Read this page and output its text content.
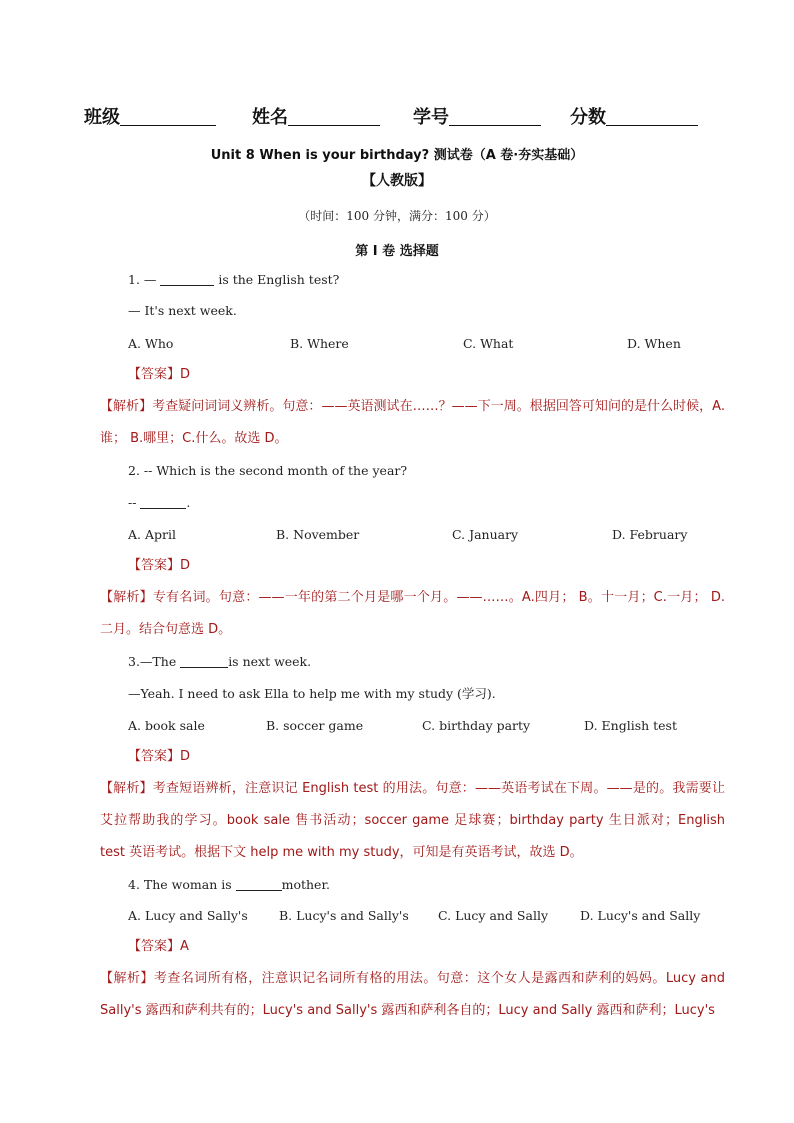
班级	姓名	学号	分数
Unit 8 When is your birthday? 测试卷（A 卷·夯实基础）
【人教版】
（时间：100 分钟，满分：100 分）
第 I 卷 选择题
1. —	is the English test?
— It's next week.
A. Who	B. Where	C. What	D. When
【答案】D
【解析】考查疑问词词义辨析。句意：——英语测试在……？——下一周。根据回答可知问的是什么时候，A.谁； B.哪里；C.什么。故选 D。
2. -- Which is the second month of the year?
--	.
A. April	B. November	C. January	D. February
【答案】D
【解析】专有名词。句意：——一年的第二个月是哪一个月。——……。A.四月； B。十一月；C.一月； D.二月。结合句意选 D。
3.—The	is next week.
—Yeah. I need to ask Ella to help me with my study (学习).
A. book sale	B. soccer game	C. birthday party	D. English test
【答案】D
【解析】考查短语辨析，注意识记 English test 的用法。句意：——英语考试在下周。——是的。我需要让艾拉帮助我的学习。book sale 售书活动；soccer game 足球赛；birthday party 生日派对；English test 英语考试。根据下文 help me with my study，可知是有英语考试，故选 D。
4. The woman is	mother.
A. Lucy and Sally's B. Lucy's and Sally's C. Lucy and Sally	D. Lucy's and Sally
【答案】A
【解析】考查名词所有格，注意识记名词所有格的用法。句意：这个女人是露西和萨利的妈妈。Lucy and Sally's 露西和萨利共有的；Lucy's and Sally's 露西和萨利各自的；Lucy and Sally 露西和萨利；Lucy's
